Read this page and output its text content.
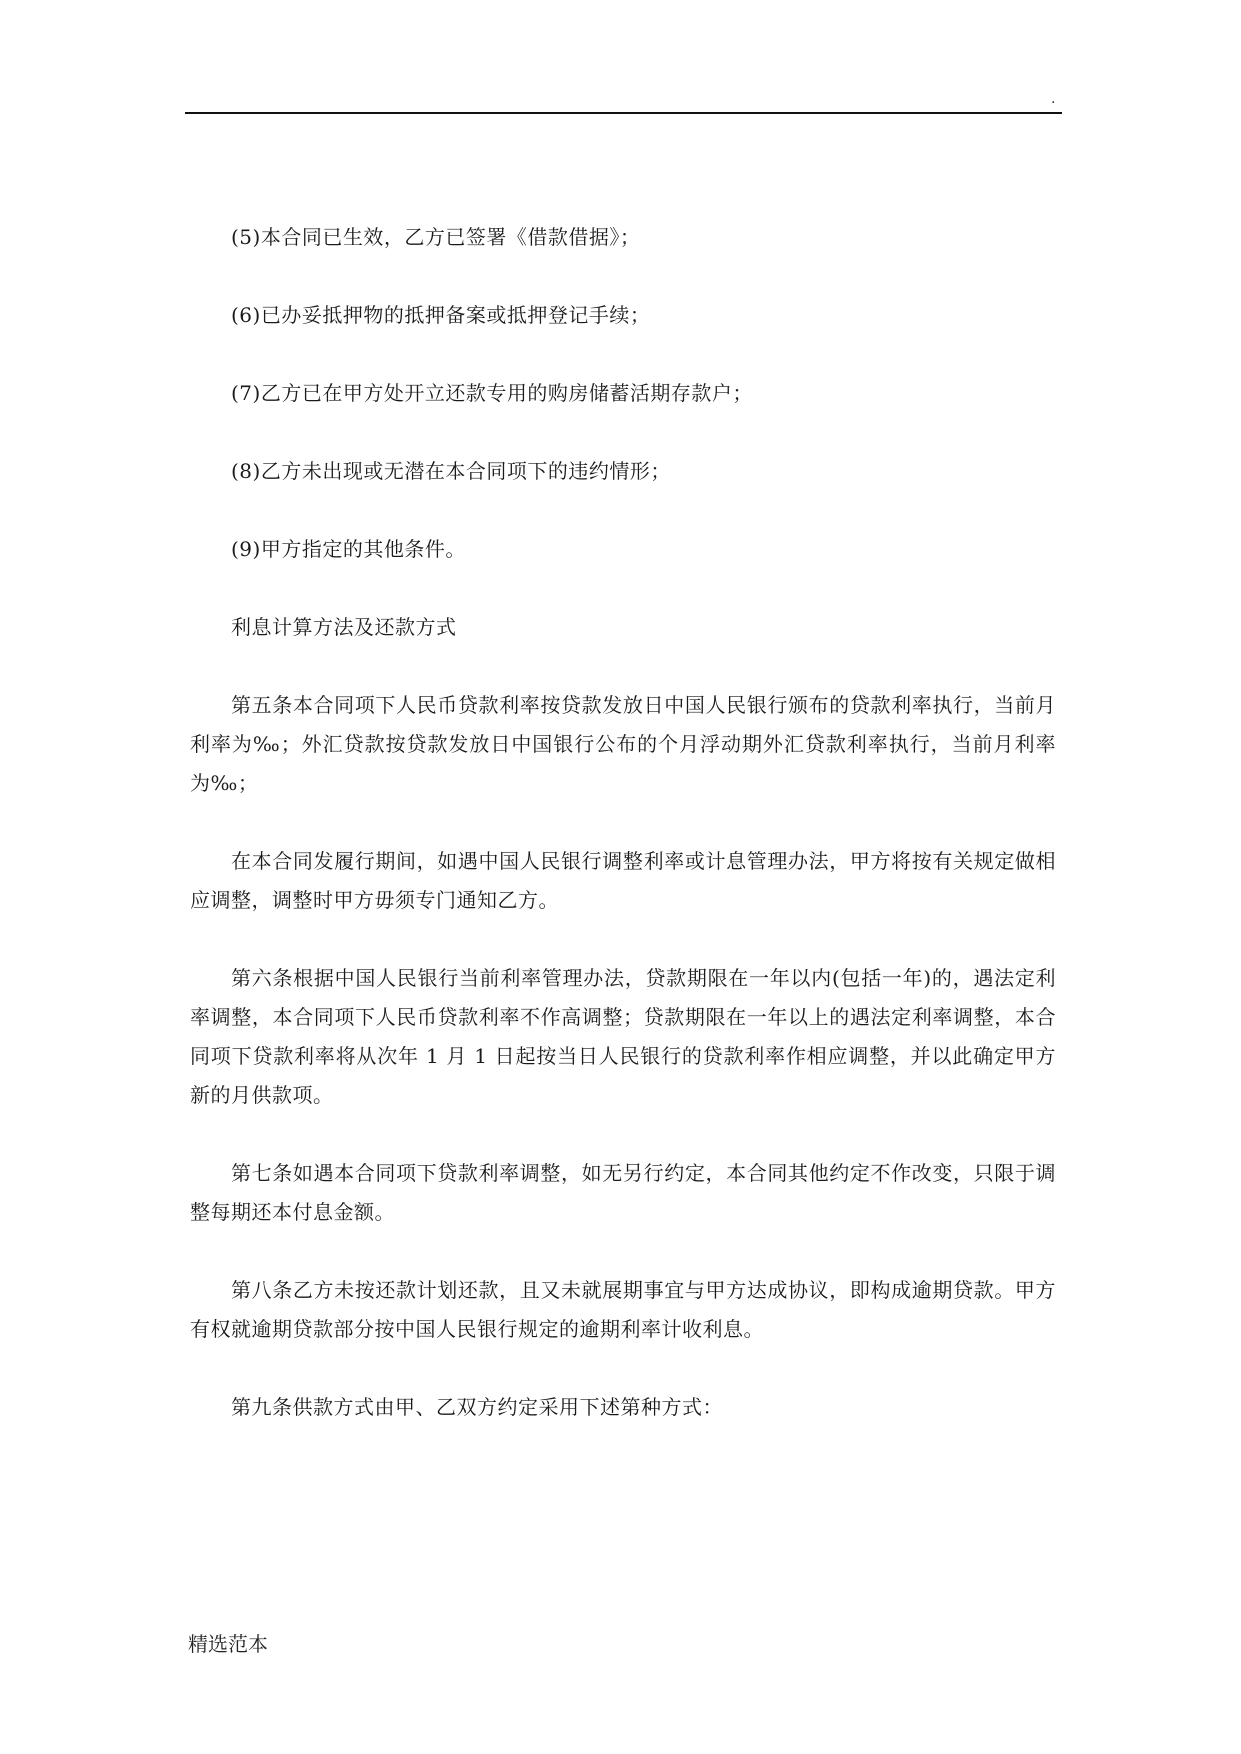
.

(5)本合同已生效，乙方已签署《借款借据》；

(6)已办妥抵押物的抵押备案或抵押登记手续；

(7)乙方已在甲方处开立还款专用的购房储蓄活期存款户；

(8)乙方未出现或无潜在本合同项下的违约情形；

(9)甲方指定的其他条件。

利息计算方法及还款方式

第五条本合同项下人民币贷款利率按贷款发放日中国人民银行颁布的贷款利率执行，当前月利率为‰；外汇贷款按贷款发放日中国银行公布的个月浮动期外汇贷款利率执行，当前月利率为‰；

在本合同发履行期间，如遇中国人民银行调整利率或计息管理办法，甲方将按有关规定做相应调整，调整时甲方毋须专门通知乙方。

第六条根据中国人民银行当前利率管理办法，贷款期限在一年以内(包括一年)的，遇法定利率调整，本合同项下人民币贷款利率不作高调整；贷款期限在一年以上的遇法定利率调整，本合同项下贷款利率将从次年 1 月 1 日起按当日人民银行的贷款利率作相应调整，并以此确定甲方新的月供款项。

第七条如遇本合同项下贷款利率调整，如无另行约定，本合同其他约定不作改变，只限于调整每期还本付息金额。

第八条乙方未按还款计划还款，且又未就展期事宜与甲方达成协议，即构成逾期贷款。甲方有权就逾期贷款部分按中国人民银行规定的逾期利率计收利息。

第九条供款方式由甲、乙双方约定采用下述第种方式：

精选范本
